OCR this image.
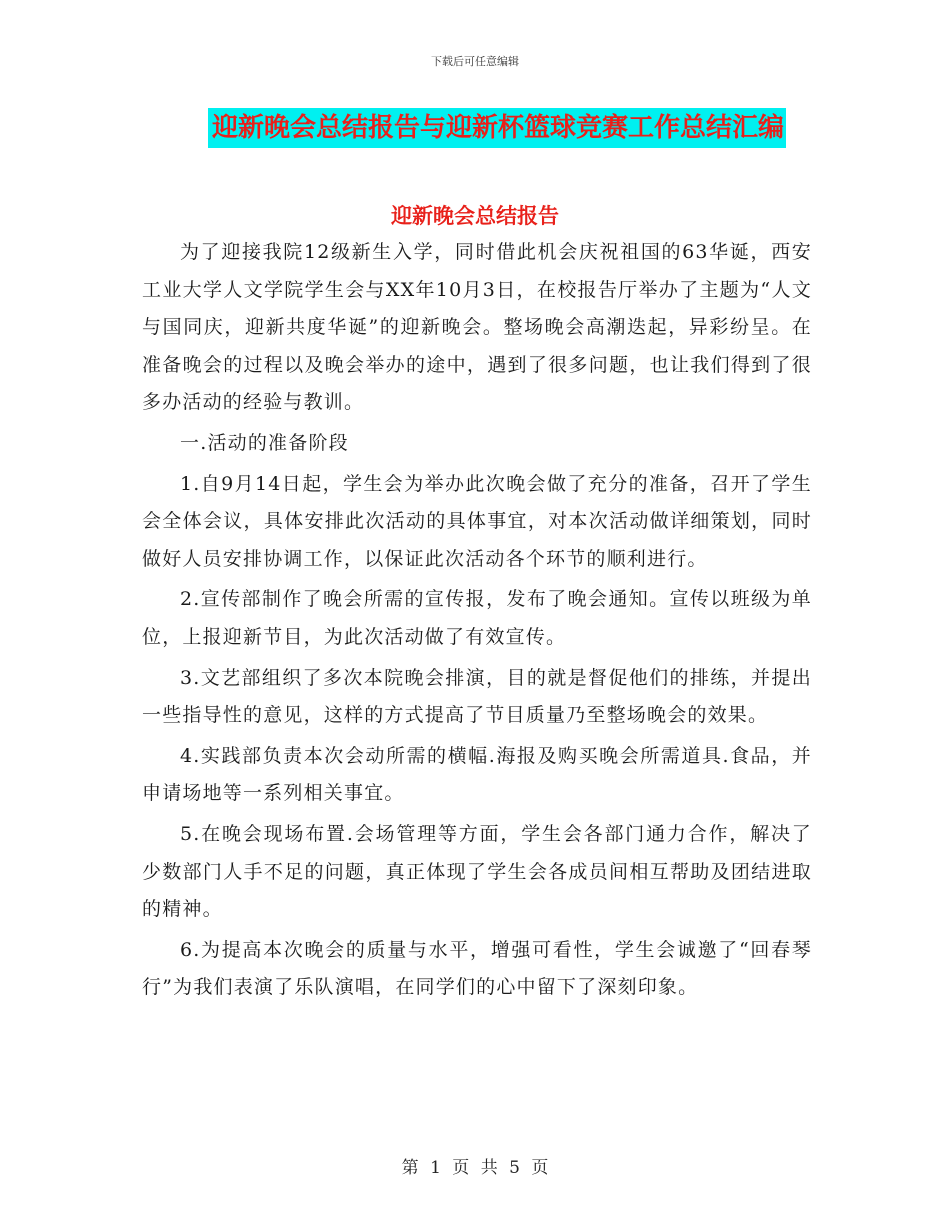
下载后可任意编辑
迎新晚会总结报告与迎新杯篮球竞赛工作总结汇编
迎新晚会总结报告

为了迎接我院12级新生入学，同时借此机会庆祝祖国的63华诞，西安工业大学人文学院学生会与XX年10月3日，在校报告厅举办了主题为“人文与国同庆，迎新共度华诞”的迎新晚会。整场晚会高潮迭起，异彩纷呈。在准备晚会的过程以及晚会举办的途中，遇到了很多问题，也让我们得到了很多办活动的经验与教训。

一.活动的准备阶段

1.自9月14日起，学生会为举办此次晚会做了充分的准备，召开了学生会全体会议，具体安排此次活动的具体事宜，对本次活动做详细策划，同时做好人员安排协调工作，以保证此次活动各个环节的顺利进行。

2.宣传部制作了晚会所需的宣传报，发布了晚会通知。宣传以班级为单位，上报迎新节目，为此次活动做了有效宣传。

3.文艺部组织了多次本院晚会排演，目的就是督促他们的排练，并提出一些指导性的意见，这样的方式提高了节目质量乃至整场晚会的效果。

4.实践部负责本次会动所需的横幅.海报及购买晚会所需道具.食品，并申请场地等一系列相关事宜。

5.在晚会现场布置.会场管理等方面，学生会各部门通力合作，解决了少数部门人手不足的问题，真正体现了学生会各成员间相互帮助及团结进取的精神。

6.为提高本次晚会的质量与水平，增强可看性，学生会诚邀了“回春琴行”为我们表演了乐队演唱，在同学们的心中留下了深刻印象。

第 1 页 共 5 页
